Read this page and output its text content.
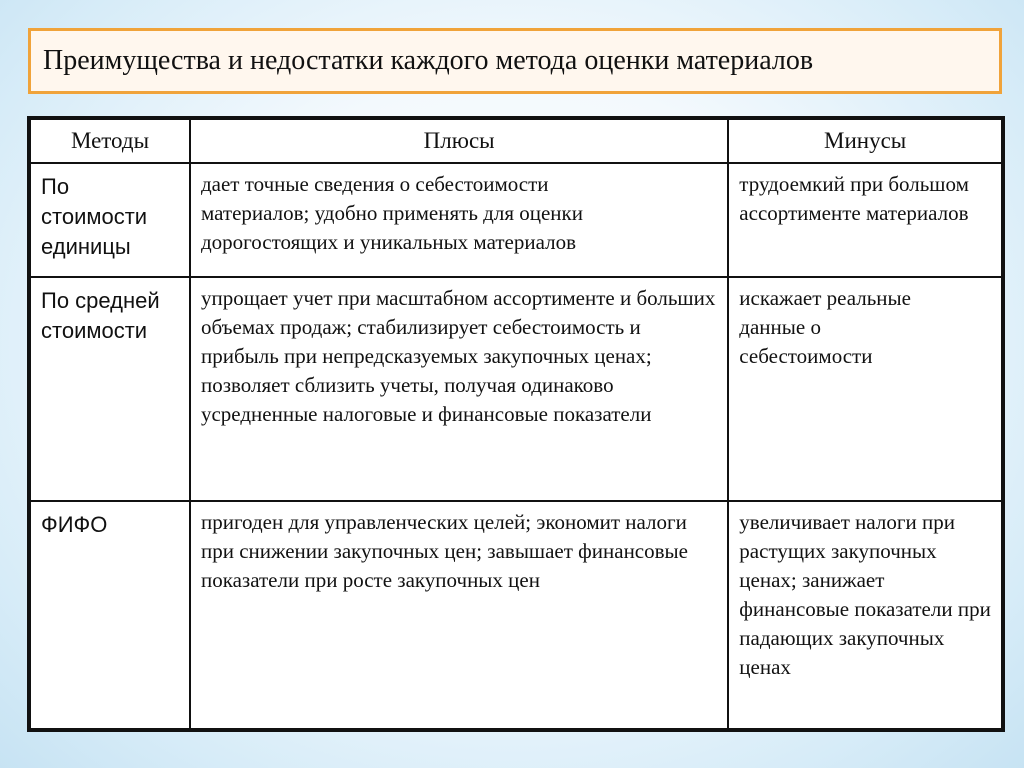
Преимущества и недостатки каждого метода оценки материалов
Методы	Плюсы	Минусы

По стоимости единицы	дает точные сведения о себестоимости материалов; удобно применять для оценки дорогостоящих и уникальных материалов	трудоемкий при большом ассортименте материалов

По средней стоимости	упрощает учет при масштабном ассортименте и больших объемах продаж; стабилизирует себестоимость и прибыль при непредсказуемых закупочных ценах; позволяет сблизить учеты, получая одинаково усредненные налоговые и финансовые показатели	искажает реальные данные о себестоимости

ФИФО	пригоден для управленческих целей; экономит налоги при снижении закупочных цен; завышает финансовые показатели при росте закупочных цен	увеличивает налоги при растущих закупочных ценах; занижает финансовые показатели при падающих закупочных ценах
